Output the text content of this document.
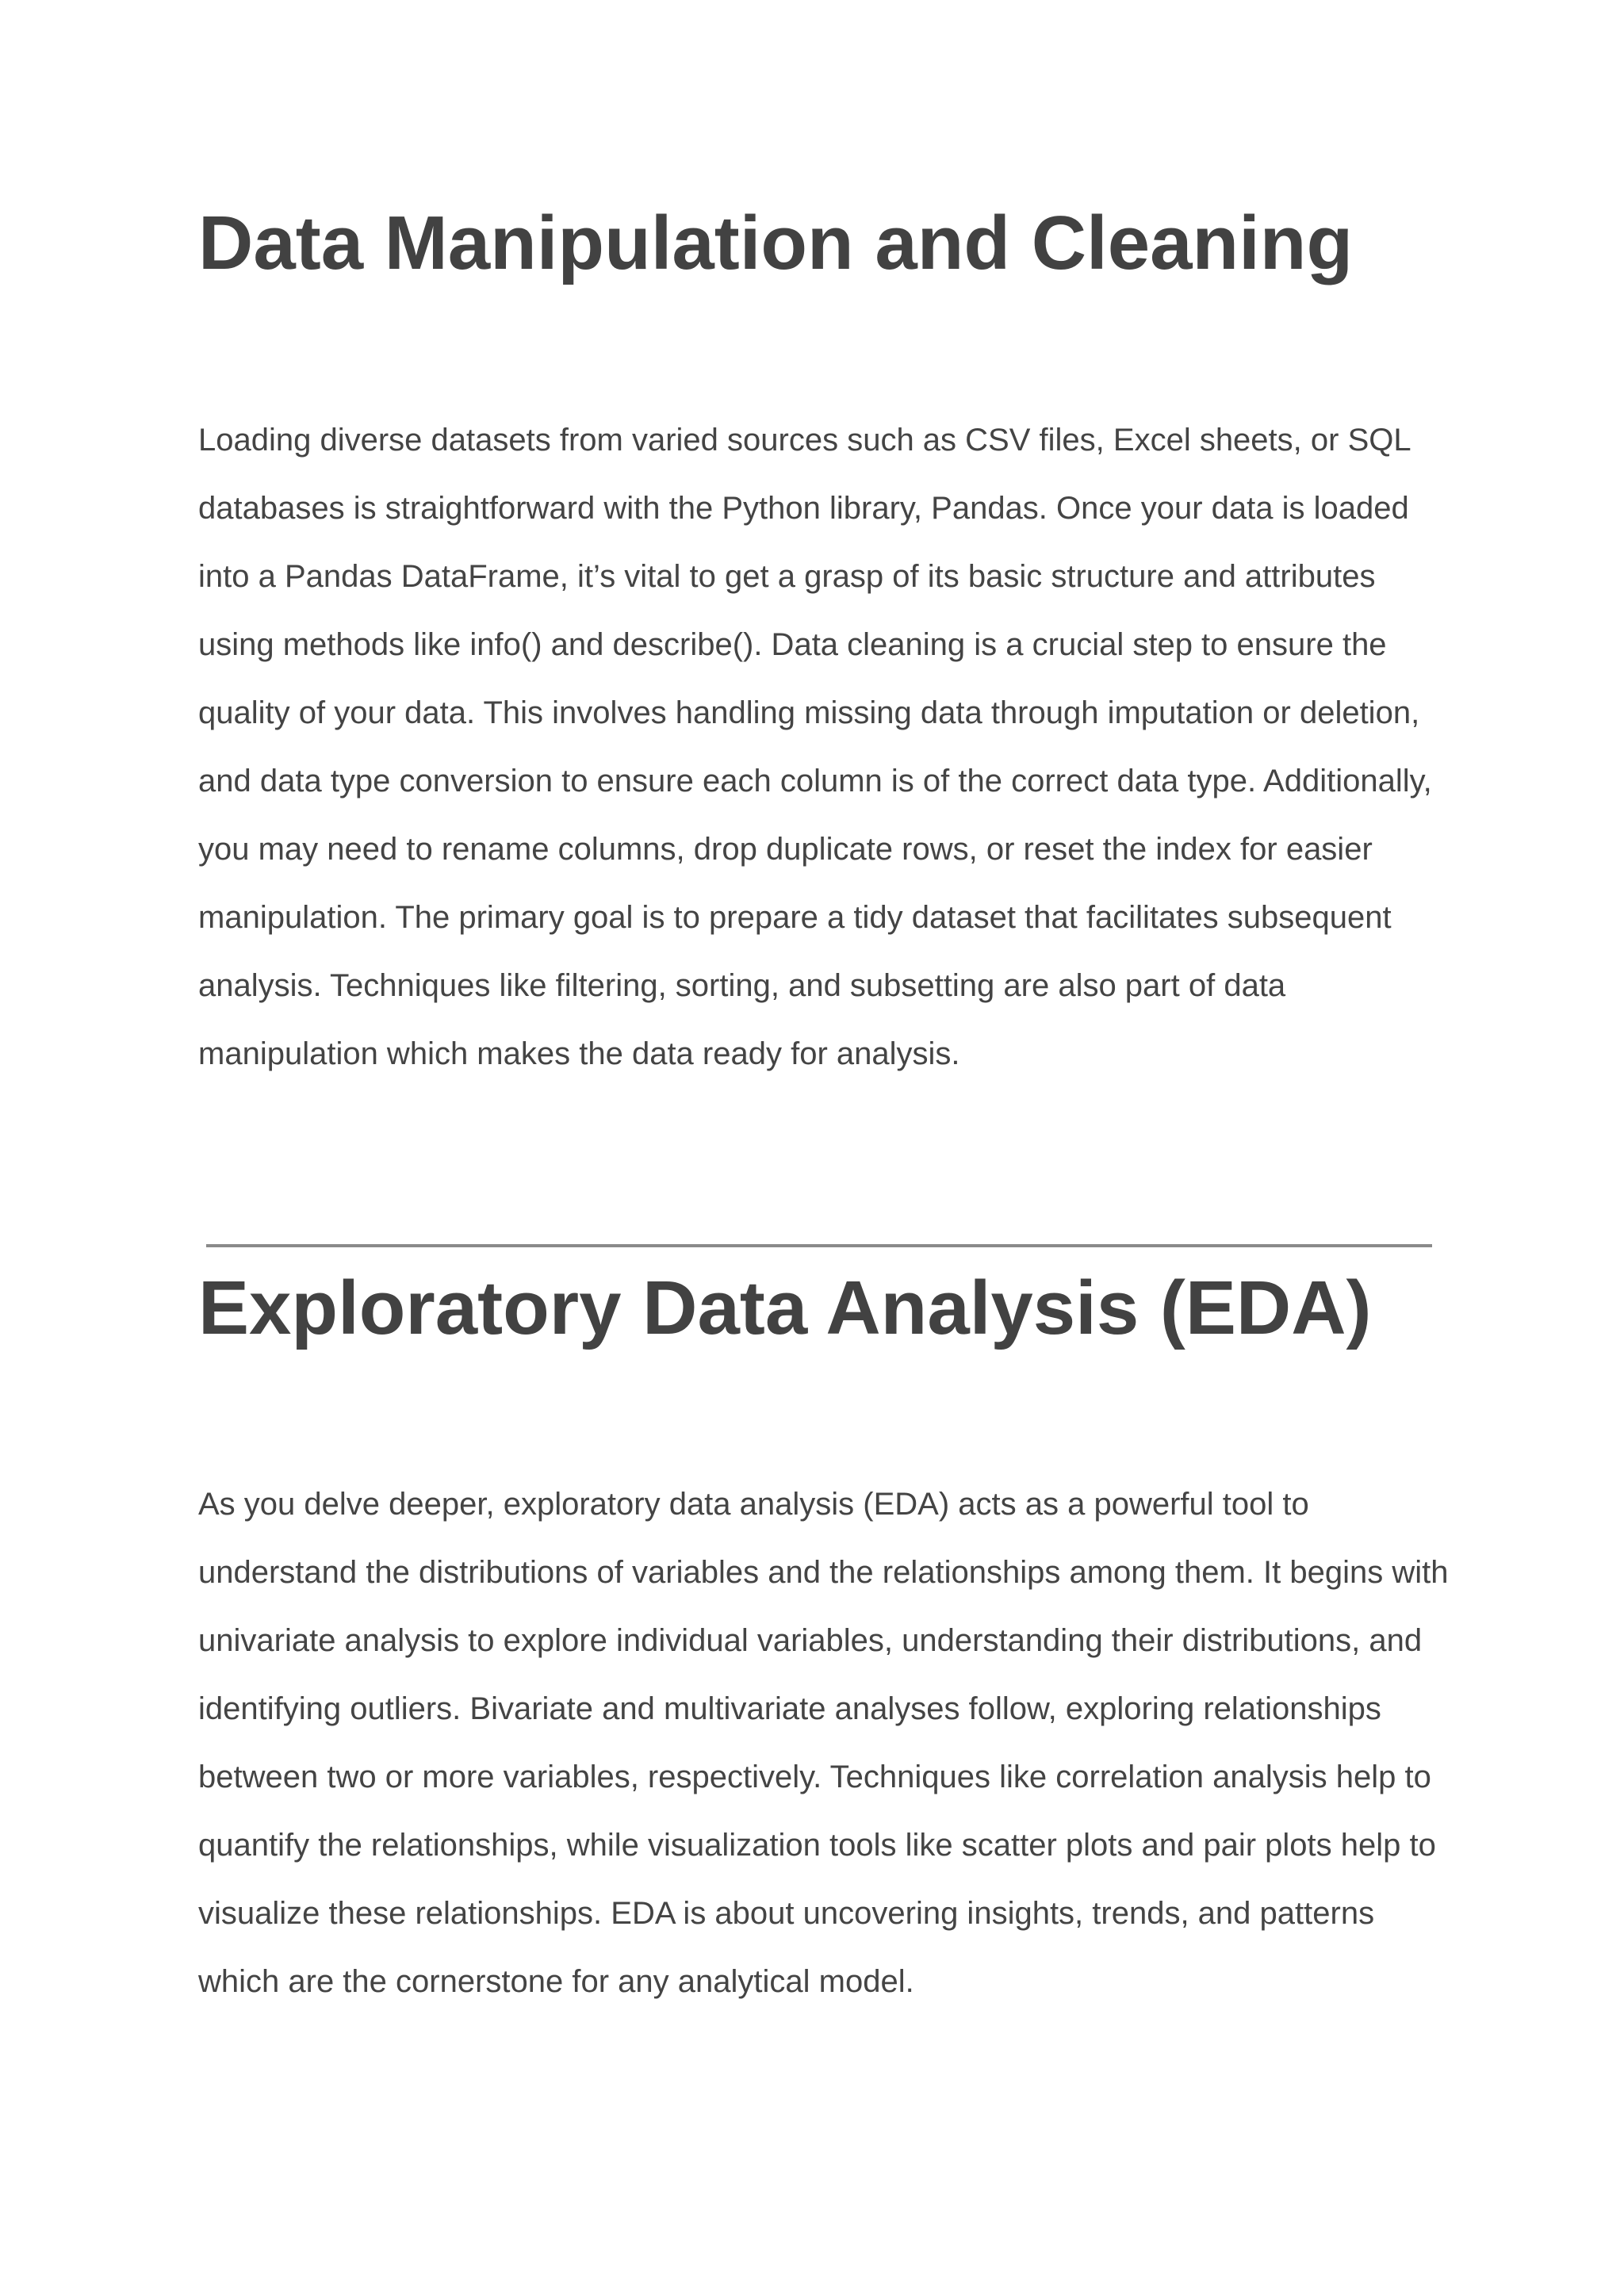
Data Manipulation and Cleaning

Loading diverse datasets from varied sources such as CSV files, Excel sheets, or SQL databases is straightforward with the Python library, Pandas. Once your data is loaded into a Pandas DataFrame, it’s vital to get a grasp of its basic structure and attributes using methods like info() and describe(). Data cleaning is a crucial step to ensure the quality of your data. This involves handling missing data through imputation or deletion, and data type conversion to ensure each column is of the correct data type. Additionally, you may need to rename columns, drop duplicate rows, or reset the index for easier manipulation. The primary goal is to prepare a tidy dataset that facilitates subsequent analysis. Techniques like filtering, sorting, and subsetting are also part of data manipulation which makes the data ready for analysis.

Exploratory Data Analysis (EDA)

As you delve deeper, exploratory data analysis (EDA) acts as a powerful tool to understand the distributions of variables and the relationships among them. It begins with univariate analysis to explore individual variables, understanding their distributions, and identifying outliers. Bivariate and multivariate analyses follow, exploring relationships between two or more variables, respectively. Techniques like correlation analysis help to quantify the relationships, while visualization tools like scatter plots and pair plots help to visualize these relationships. EDA is about uncovering insights, trends, and patterns which are the cornerstone for any analytical model.
